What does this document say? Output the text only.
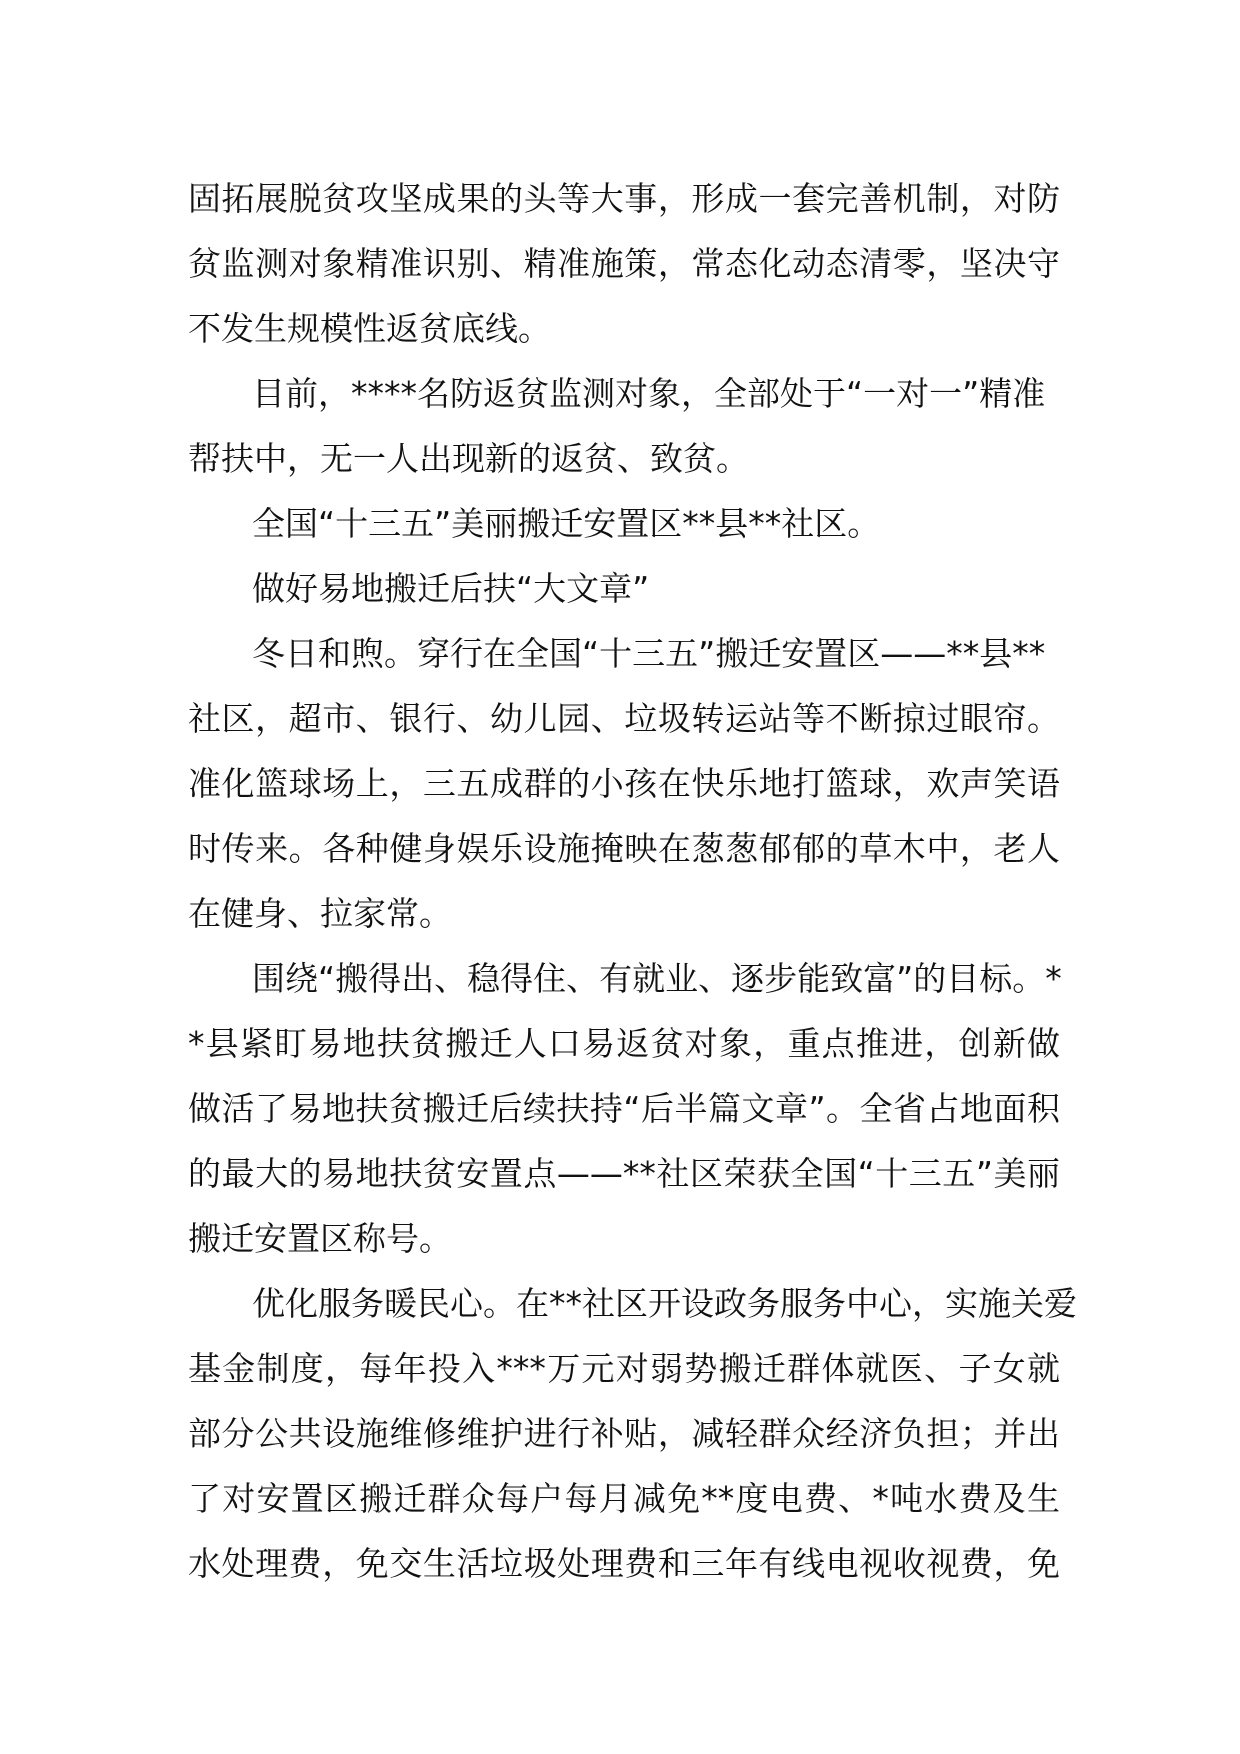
固拓展脱贫攻坚成果的头等大事，形成一套完善机制，对防
贫监测对象精准识别、精准施策，常态化动态清零，坚决守
不发生规模性返贫底线。
目前，****名防返贫监测对象，全部处于“一对一”精准
帮扶中，无一人出现新的返贫、致贫。
全国“十三五”美丽搬迁安置区**县**社区。
做好易地搬迁后扶“大文章”
冬日和煦。穿行在全国“十三五”搬迁安置区——**县**
社区，超市、银行、幼儿园、垃圾转运站等不断掠过眼帘。
准化篮球场上，三五成群的小孩在快乐地打篮球，欢声笑语
时传来。各种健身娱乐设施掩映在葱葱郁郁的草木中，老人
在健身、拉家常。
围绕“搬得出、稳得住、有就业、逐步能致富”的目标。*
*县紧盯易地扶贫搬迁人口易返贫对象，重点推进，创新做
做活了易地扶贫搬迁后续扶持“后半篇文章”。全省占地面积
的最大的易地扶贫安置点——**社区荣获全国“十三五”美丽
搬迁安置区称号。
优化服务暖民心。在**社区开设政务服务中心，实施关爱
基金制度，每年投入***万元对弱势搬迁群体就医、子女就
部分公共设施维修维护进行补贴，减轻群众经济负担；并出
了对安置区搬迁群众每户每月减免**度电费、*吨水费及生
水处理费，免交生活垃圾处理费和三年有线电视收视费，免
